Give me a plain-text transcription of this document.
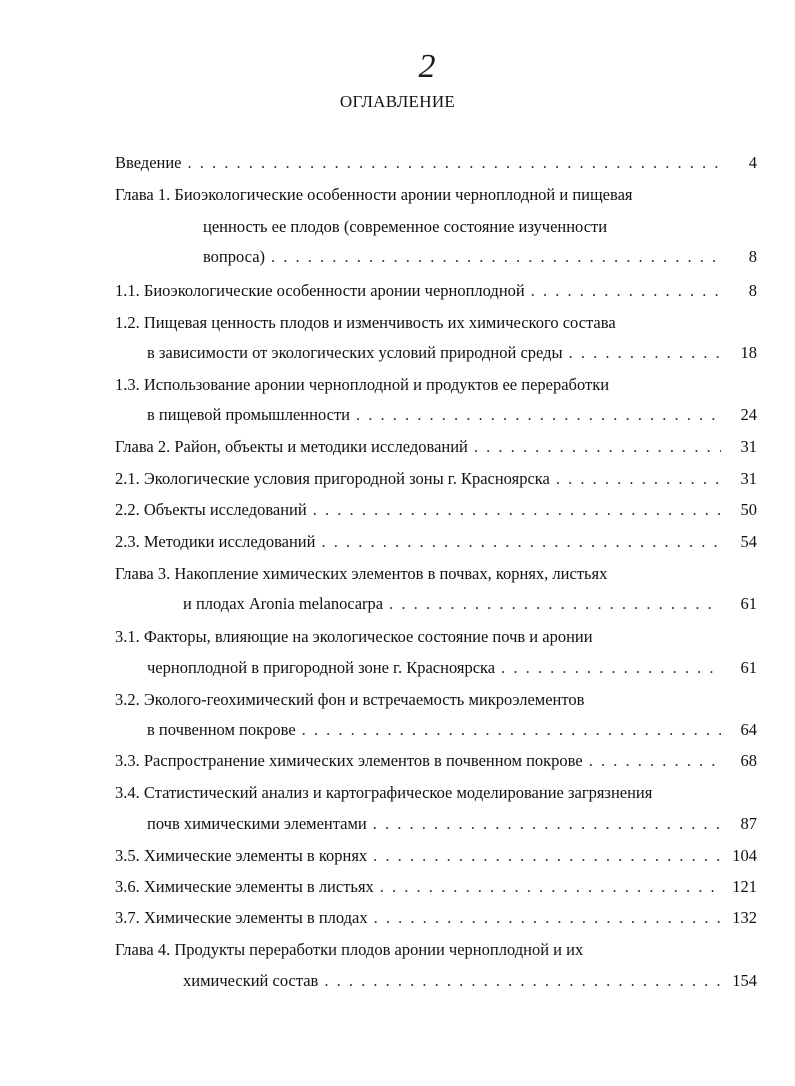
2
ОГЛАВЛЕНИЕ
Введение . . .	4
Глава 1. Биоэкологические особенности аронии черноплодной и пищевая
ценность ее плодов (современное состояние изученности
вопроса) . . .	8
1.1. Биоэкологические особенности аронии черноплодной . . .	8
1.2. Пищевая ценность плодов и изменчивость их химического состава
в зависимости от экологических условий природной среды . . .	18
1.3. Использование аронии черноплодной и продуктов ее переработки
в пищевой промышленности . . .	24
Глава 2. Район, объекты и методики исследований . . .	31
2.1. Экологические условия пригородной зоны г. Красноярска . . .	31
2.2. Объекты исследований . . .	50
2.3. Методики исследований . . .	54
Глава 3. Накопление химических элементов в почвах, корнях, листьях
и плодах Aronia melanocarpa . . .	61
3.1. Факторы, влияющие на экологическое состояние почв и аронии
черноплодной в пригородной зоне г. Красноярска . . .	61
3.2. Эколого-геохимический фон и встречаемость микроэлементов
в почвенном покрове . . .	64
3.3. Распространение химических элементов в почвенном покрове . . .	68
3.4. Статистический анализ и картографическое моделирование загрязнения
почв химическими элементами . . .	87
3.5. Химические элементы в корнях . . .	104
3.6. Химические элементы в листьях . . .	121
3.7. Химические элементы в плодах . . .	132
Глава 4. Продукты переработки плодов аронии черноплодной и их
химический состав . . .	154
